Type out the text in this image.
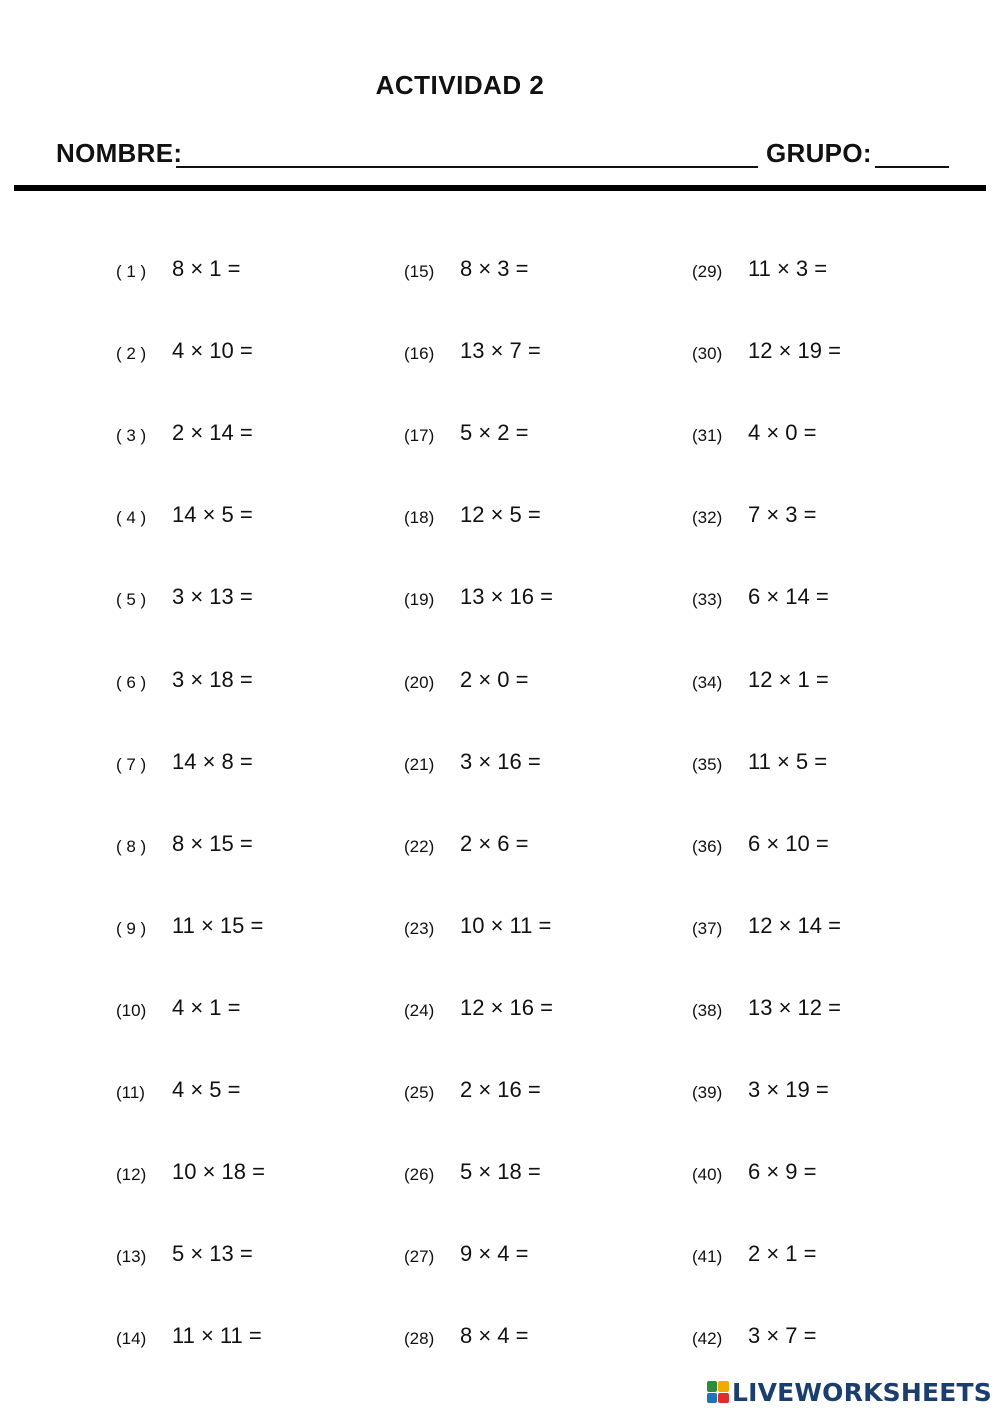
ACTIVIDAD 2
NOMBRE:	GRUPO:
( 1 ) 8 × 1 =
( 2 ) 4 × 10 =
( 3 ) 2 × 14 =
( 4 ) 14 × 5 =
( 5 ) 3 × 13 =
( 6 ) 3 × 18 =
( 7 ) 14 × 8 =
( 8 ) 8 × 15 =
( 9 ) 11 × 15 =
(10) 4 × 1 =
(11) 4 × 5 =
(12) 10 × 18 =
(13) 5 × 13 =
(14) 11 × 11 =
(15) 8 × 3 =
(16) 13 × 7 =
(17) 5 × 2 =
(18) 12 × 5 =
(19) 13 × 16 =
(20) 2 × 0 =
(21) 3 × 16 =
(22) 2 × 6 =
(23) 10 × 11 =
(24) 12 × 16 =
(25) 2 × 16 =
(26) 5 × 18 =
(27) 9 × 4 =
(28) 8 × 4 =
(29) 11 × 3 =
(30) 12 × 19 =
(31) 4 × 0 =
(32) 7 × 3 =
(33) 6 × 14 =
(34) 12 × 1 =
(35) 11 × 5 =
(36) 6 × 10 =
(37) 12 × 14 =
(38) 13 × 12 =
(39) 3 × 19 =
(40) 6 × 9 =
(41) 2 × 1 =
(42) 3 × 7 =
LIVEWORKSHEETS
